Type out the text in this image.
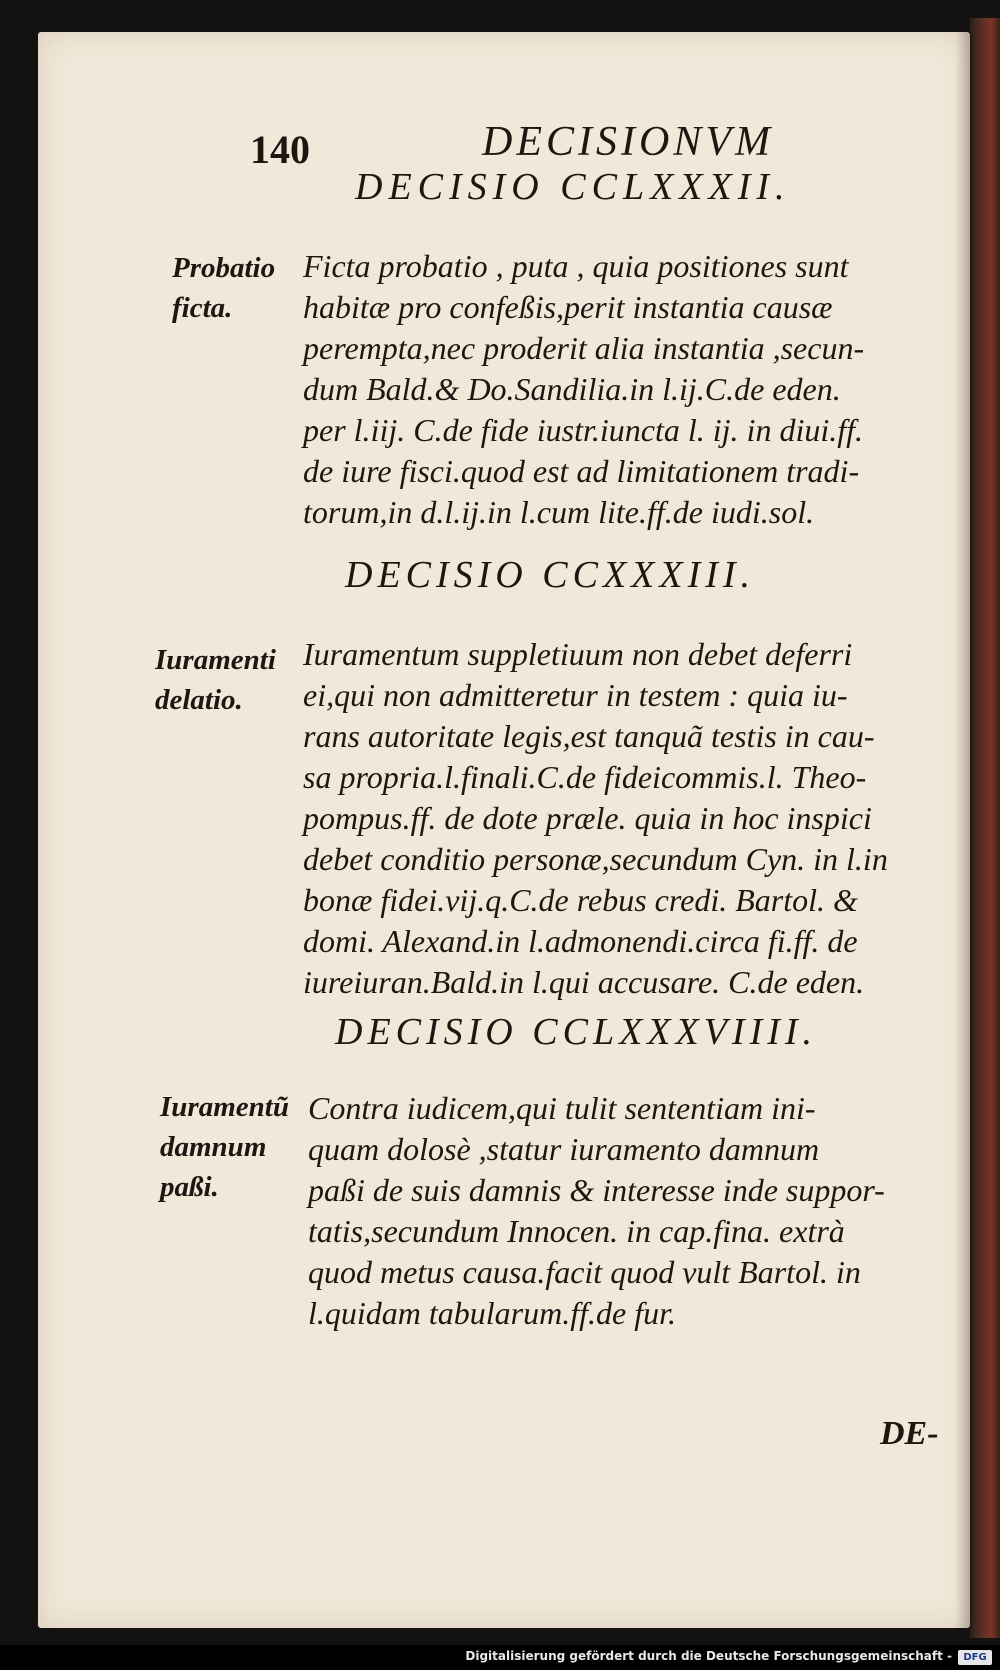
140	DECISIONVM
DECISIO CCLXXXII.
Probatio
ficta.

Ficta probatio , puta , quia positiones sunt

habitæ pro confeßis,perit instantia causæ

perempta,nec proderit alia instantia ,secun-

dum Bald.& Do.Sandilia.in l.ij.C.de eden.

per l.iij. C.de fide iustr.iuncta l. ij. in diui.ff.

de iure fisci.quod est ad limitationem tradi-

torum,in d.l.ij.in l.cum lite.ff.de iudi.sol.

DECISIO CCXXXIII.
Iuramenti
delatio.

Iuramentum suppletiuum non debet deferri

ei,qui non admitteretur in testem : quia iu-

rans autoritate legis,est tanquã testis in cau-

sa propria.l.finali.C.de fideicommis.l. Theo-

pompus.ff. de dote præle. quia in hoc inspici

debet conditio personæ,secundum Cyn. in l.in

bonæ fidei.vij.q.C.de rebus credi. Bartol. &

domi. Alexand.in l.admonendi.circa fi.ff. de

iureiuran.Bald.in l.qui accusare. C.de eden.

DECISIO CCLXXXVIIII.
Iuramentũ
damnum
paßi.

Contra iudicem,qui tulit sententiam ini-

quam dolosè ,statur iuramento damnum

paßi de suis damnis & interesse inde suppor-

tatis,secundum Innocen. in cap.fina. extrà

quod metus causa.facit quod vult Bartol. in

l.quidam tabularum.ff.de fur.

DE-
Digitalisierung gefördert durch die Deutsche Forschungsgemeinschaft -	DFG
